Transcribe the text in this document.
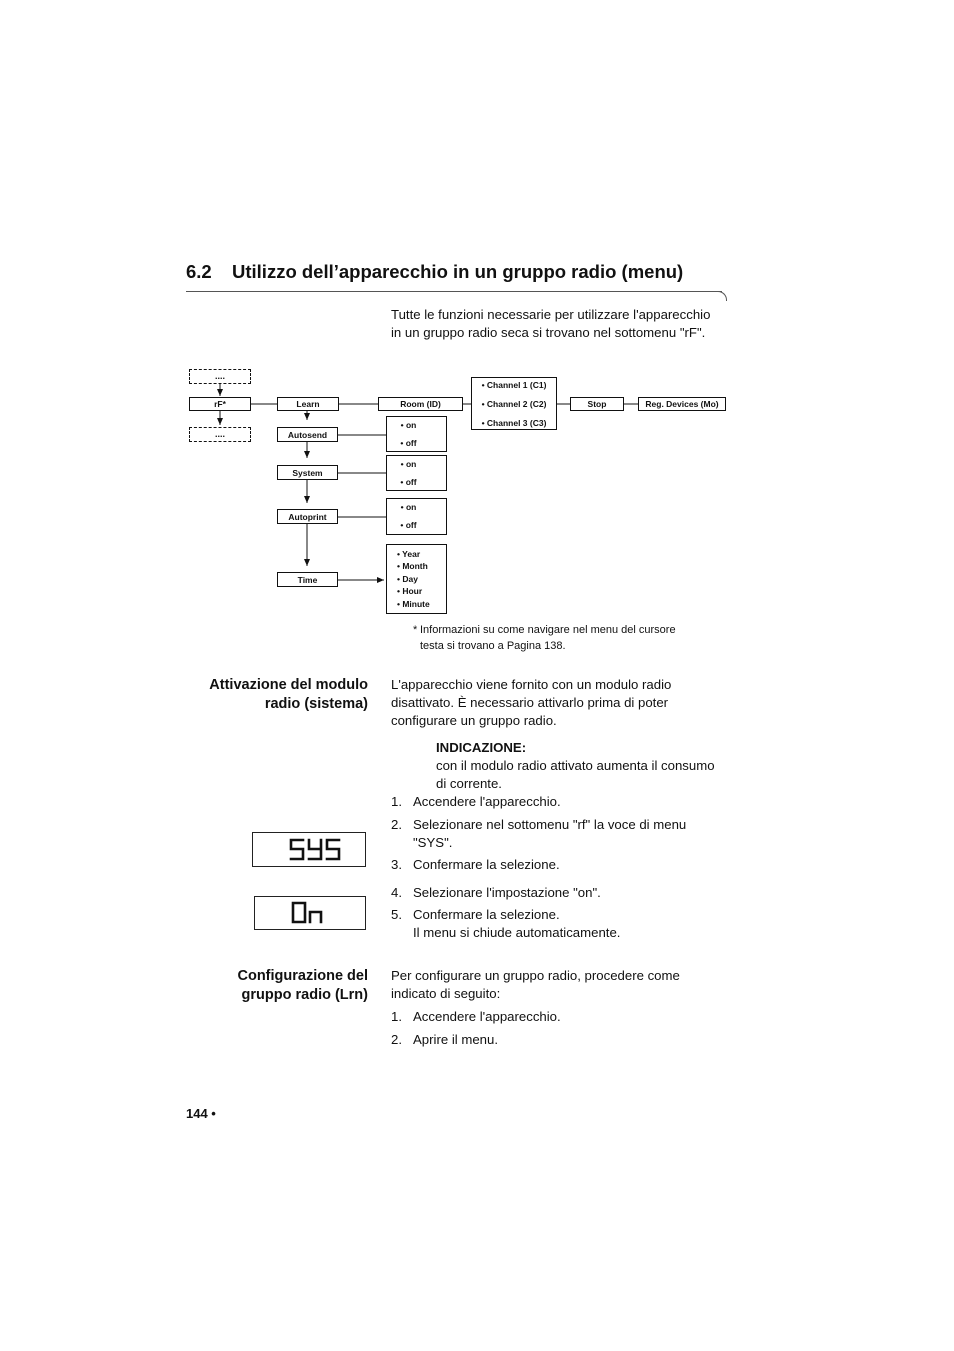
6.2 Utilizzo dell’apparecchio in un gruppo radio (menu)
Tutte le funzioni necessarie per utilizzare l'apparecchio
in un gruppo radio seca si trovano nel sottomenu "rF".
....
rF*
....
Learn	Room (ID)
• Channel 1 (C1)
• Channel 2 (C2)
• Channel 3 (C3)
Stop	Reg. Devices (Mo)
Autosend
• on
• off
System
• on
• off
Autoprint
• on
• off
Time
• Year
• Month
• Day
• Hour
• Minute
* Informazioni su come navigare nel menu del cursore
testa si trovano a Pagina 138.
Attivazione del modulo
radio (sistema)
L'apparecchio viene fornito con un modulo radio
disattivato. È necessario attivarlo prima di poter
configurare un gruppo radio.
INDICAZIONE:
con il modulo radio attivato aumenta il consumo
di corrente.
1. Accendere l'apparecchio.
2. Selezionare nel sottomenu "rf" la voce di menu
"SYS".
3. Confermare la selezione.
4. Selezionare l'impostazione "on".
5. Confermare la selezione.
Il menu si chiude automaticamente.
Configurazione del
gruppo radio (Lrn)
Per configurare un gruppo radio, procedere come
indicato di seguito:
1. Accendere l'apparecchio.
2. Aprire il menu.
144 •
